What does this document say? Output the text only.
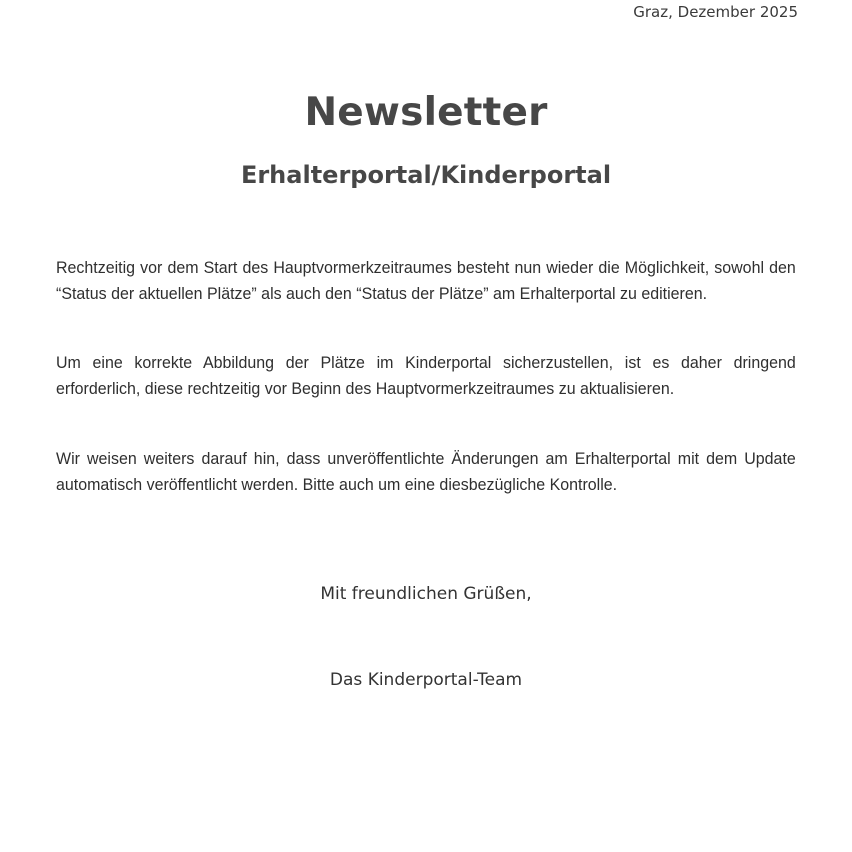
Graz, Dezember 2025
Newsletter
Erhalterportal/Kinderportal

Rechtzeitig vor dem Start des Hauptvormerkzeitraumes besteht nun wieder die Möglichkeit, sowohl den “Status der aktuellen Plätze” als auch den “Status der Plätze” am Erhalterportal zu editieren.

Um eine korrekte Abbildung der Plätze im Kinderportal sicherzustellen, ist es daher dringend erforderlich, diese rechtzeitig vor Beginn des Hauptvormerkzeitraumes zu aktualisieren.

Wir weisen weiters darauf hin, dass unveröffentlichte Änderungen am Erhalterportal mit dem Update automatisch veröffentlicht werden. Bitte auch um eine diesbezügliche Kontrolle.

Mit freundlichen Grüßen,
Das Kinderportal-Team
